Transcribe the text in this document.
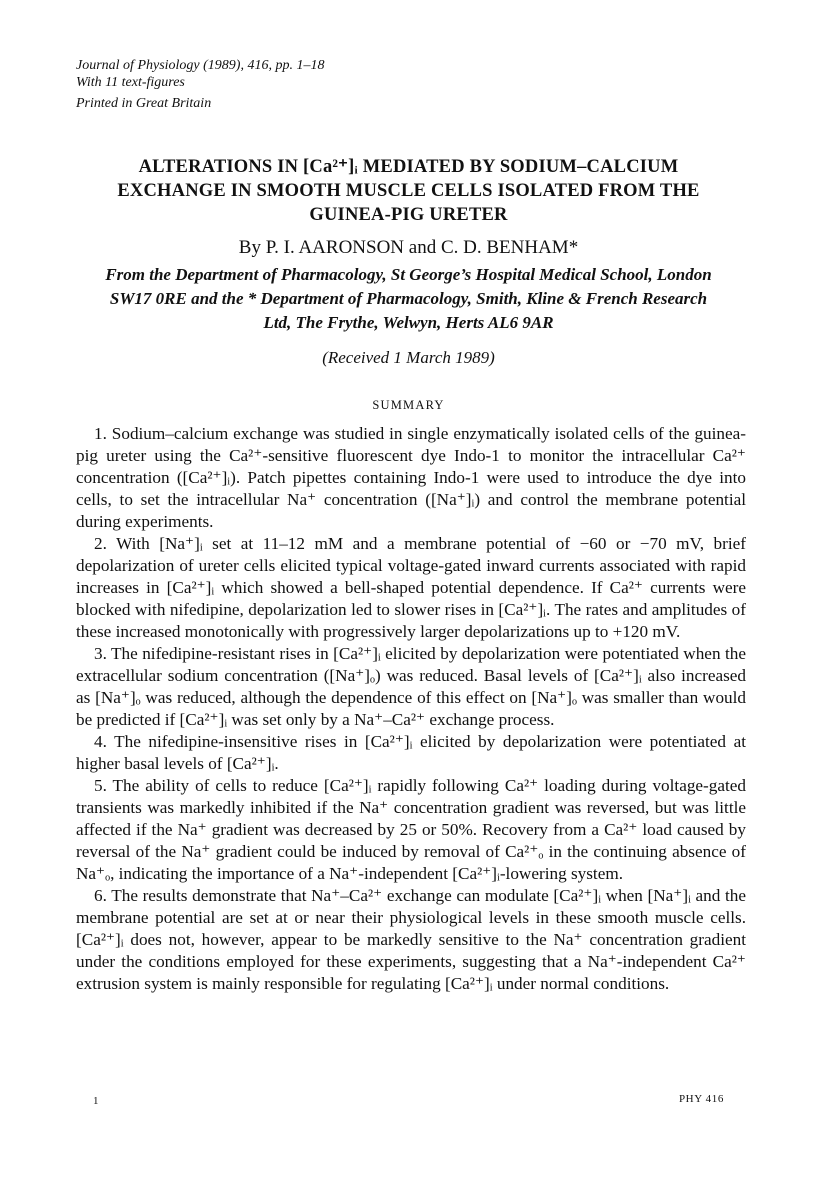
Journal of Physiology (1989), 416, pp. 1–18
With 11 text-figures
Printed in Great Britain
ALTERATIONS IN [Ca²⁺]ᵢ MEDIATED BY SODIUM–CALCIUM
EXCHANGE IN SMOOTH MUSCLE CELLS ISOLATED FROM THE
GUINEA-PIG URETER
By P. I. AARONSON and C. D. BENHAM*
From the Department of Pharmacology, St George’s Hospital Medical School, London
SW17 0RE and the * Department of Pharmacology, Smith, Kline & French Research
Ltd, The Frythe, Welwyn, Herts AL6 9AR
(Received 1 March 1989)
SUMMARY

1. Sodium–calcium exchange was studied in single enzymatically isolated cells of the guinea-pig ureter using the Ca²⁺-sensitive fluorescent dye Indo-1 to monitor the intracellular Ca²⁺ concentration ([Ca²⁺]ᵢ). Patch pipettes containing Indo-1 were used to introduce the dye into cells, to set the intracellular Na⁺ concentration ([Na⁺]ᵢ) and control the membrane potential during experiments.

2. With [Na⁺]ᵢ set at 11–12 mM and a membrane potential of −60 or −70 mV, brief depolarization of ureter cells elicited typical voltage-gated inward currents associated with rapid increases in [Ca²⁺]ᵢ which showed a bell-shaped potential dependence. If Ca²⁺ currents were blocked with nifedipine, depolarization led to slower rises in [Ca²⁺]ᵢ. The rates and amplitudes of these increased monotonically with progressively larger depolarizations up to +120 mV.

3. The nifedipine-resistant rises in [Ca²⁺]ᵢ elicited by depolarization were potentiated when the extracellular sodium concentration ([Na⁺]ₒ) was reduced. Basal levels of [Ca²⁺]ᵢ also increased as [Na⁺]ₒ was reduced, although the dependence of this effect on [Na⁺]ₒ was smaller than would be predicted if [Ca²⁺]ᵢ was set only by a Na⁺–Ca²⁺ exchange process.

4. The nifedipine-insensitive rises in [Ca²⁺]ᵢ elicited by depolarization were potentiated at higher basal levels of [Ca²⁺]ᵢ.

5. The ability of cells to reduce [Ca²⁺]ᵢ rapidly following Ca²⁺ loading during voltage-gated transients was markedly inhibited if the Na⁺ concentration gradient was reversed, but was little affected if the Na⁺ gradient was decreased by 25 or 50%. Recovery from a Ca²⁺ load caused by reversal of the Na⁺ gradient could be induced by removal of Ca²⁺ₒ in the continuing absence of Na⁺ₒ, indicating the importance of a Na⁺-independent [Ca²⁺]ᵢ-lowering system.

6. The results demonstrate that Na⁺–Ca²⁺ exchange can modulate [Ca²⁺]ᵢ when [Na⁺]ᵢ and the membrane potential are set at or near their physiological levels in these smooth muscle cells. [Ca²⁺]ᵢ does not, however, appear to be markedly sensitive to the Na⁺ concentration gradient under the conditions employed for these experiments, suggesting that a Na⁺-independent Ca²⁺ extrusion system is mainly responsible for regulating [Ca²⁺]ᵢ under normal conditions.

1	PHY 416
